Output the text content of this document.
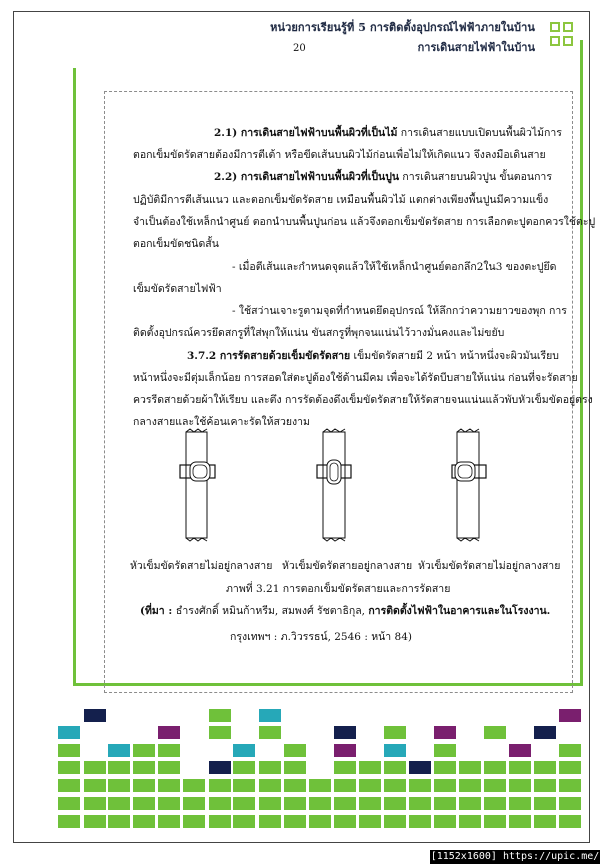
หน่วยการเรียนรู้ที่ 5 การติดตั้งอุปกรณ์ไฟฟ้าภายในบ้าน
การเดินสายไฟฟ้าในบ้าน
20
2.1) การเดินสายไฟฟ้าบนพื้นผิวที่เป็นไม้ การเดินสายแบบเปิดบนพื้นผิวไม้การ
ตอกเข็มขัดรัดสายต้องมีการตีเต้า หรือขีดเส้นบนผิวไม้ก่อนเพื่อไม่ให้เกิดแนว จึงลงมือเดินสาย
2.2) การเดินสายไฟฟ้าบนพื้นผิวที่เป็นปูน การเดินสายบนผิวปูน ขั้นตอนการ
ปฏิบัติมีการตีเส้นแนว และตอกเข็มขัดรัดสาย เหมือนพื้นผิวไม้ แตกต่างเพียงพื้นปูนมีความแข็ง
จำเป็นต้องใช้เหล็กนำศูนย์ ตอกนำบนพื้นปูนก่อน แล้วจึงตอกเข็มขัดรัดสาย การเลือกตะปูตอกควรใช้ตะปู
ตอกเข็มขัดชนิดสั้น
- เมื่อตีเส้นและกำหนดจุดแล้วให้ใช้เหล็กนำศูนย์ตอกลึก2ใน3 ของตะปูยึด
เข็มขัดรัดสายไฟฟ้า
- ใช้สว่านเจาะรูตามจุดที่กำหนดยึดอุปกรณ์ ให้ลึกกว่าความยาวของพุก การ
ติดตั้งอุปกรณ์ควรยึดสกรูที่ใส่พุกให้แน่น ขันสกรูที่พุกจนแน่นไว้วางมั่นคงและไม่ขยับ
3.7.2 การรัดสายด้วยเข็มขัดรัดสาย เข็มขัดรัดสายมี 2 หน้า หน้าหนึ่งจะผิวมันเรียบ
หน้าหนึ่งจะมีตุ่มเล็กน้อย การสอดใส่ตะปูต้องใช้ด้านมีคม เพื่อจะได้รัดบีบสายให้แน่น ก่อนที่จะรัดสาย
ควรรีดสายด้วยผ้าให้เรียบ และตึง การรัดต้องดึงเข็มขัดรัดสายให้รัดสายจนแน่นแล้วพับหัวเข็มขัดอยู่ตรง
กลางสายและใช้ค้อนเคาะรัดให้สวยงาม
หัวเข็มขัดรัดสายไม่อยู่กลางสาย หัวเข็มขัดรัดสายอยู่กลางสาย หัวเข็มขัดรัดสายไม่อยู่กลางสาย
ภาพที่ 3.21 การตอกเข็มขัดรัดสายและการรัดสาย
(ที่มา : ธำรงศักดิ์ หมินก้าหรีม, สมพงศ์ รัชตาธิกุล, การติดตั้งไฟฟ้าในอาคารและในโรงงาน.
กรุงเทพฯ : ภ.วิวรรธน์, 2546 : หน้า 84)
[1152x1600] https://upic.me/
